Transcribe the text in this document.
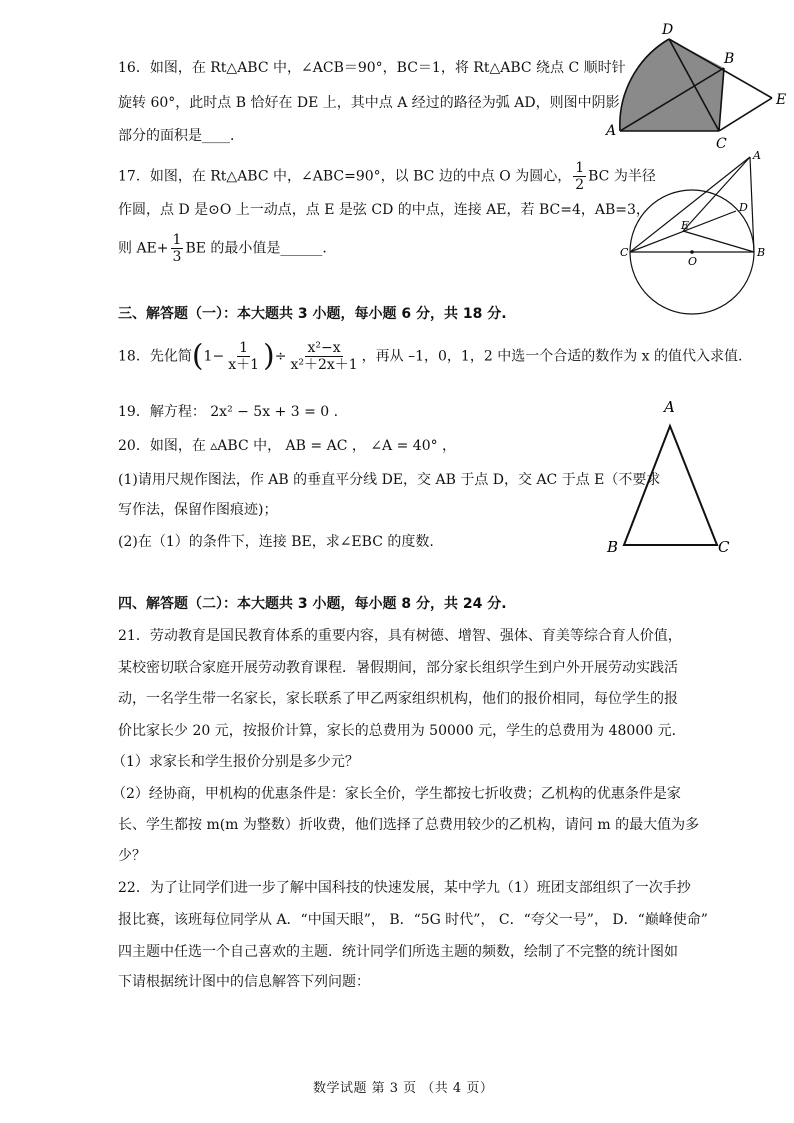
16．如图，在 Rt△ABC 中，∠ACB＝90°，BC＝1，将 Rt△ABC 绕点 C 顺时针
旋转 60°，此时点 B 恰好在 DE 上，其中点 A 经过的路径为弧 AD，则图中阴影
部分的面积是____．
D
B
E
A
C
17．如图，在 Rt△ABC 中，∠ABC=90°，以 BC 边的中点 O 为圆心， $\frac{1}{2}$ BC 为半径
作圆，点 D 是⊙O 上一动点，点 E 是弦 CD 的中点，连接 AE，若 BC=4，AB=3，
则 $AE+ \frac{1}{3}$ BE 的最小值是______．
A
D
E
C
O
B
三、解答题（一）：本大题共 3 小题，每小题 6 分，共 18 分.
18．先化简($1- \frac{1}{x+1}$ )÷ $\frac{\text{x²−x}}{\text{x²＋2x＋1}}$ ，再从 –1，0，1，2 中选一个合适的数作为 x 的值代入求值.
19．解方程： 2x² − 5x + 3 = 0 .
20．如图，在 ▵ABC 中， AB = AC ， ∠A = 40° ，
(1)请用尺规作图法，作 AB 的垂直平分线 DE，交 AB 于点 D，交 AC 于点 E（不要求
写作法，保留作图痕迹)；
(2)在（1）的条件下，连接 BE，求∠EBC 的度数.
A
B	C
四、解答题（二）：本大题共 3 小题，每小题 8 分，共 24 分.
21．劳动教育是国民教育体系的重要内容，具有树德、增智、强体、育美等综合育人价值，
某校密切联合家庭开展劳动教育课程．暑假期间，部分家长组织学生到户外开展劳动实践活
动，一名学生带一名家长，家长联系了甲乙两家组织机构，他们的报价相同，每位学生的报
价比家长少 20 元，按报价计算，家长的总费用为 50000 元，学生的总费用为 48000 元．
（1）求家长和学生报价分别是多少元？
（2）经协商，甲机构的优惠条件是：家长全价，学生都按七折收费；乙机构的优惠条件是家
长、学生都按 m(m 为整数）折收费，他们选择了总费用较少的乙机构，请问 m 的最大值为多
少？
22．为了让同学们进一步了解中国科技的快速发展，某中学九（1）班团支部组织了一次手抄
报比赛，该班每位同学从 A．“中国天眼”， B．“5G 时代”， C．“夸父一号”， D．“巅峰使命”
四主题中任选一个自己喜欢的主题．统计同学们所选主题的频数，绘制了不完整的统计图如
下请根据统计图中的信息解答下列问题：
数学试题 第 3 页 （共 4 页）
